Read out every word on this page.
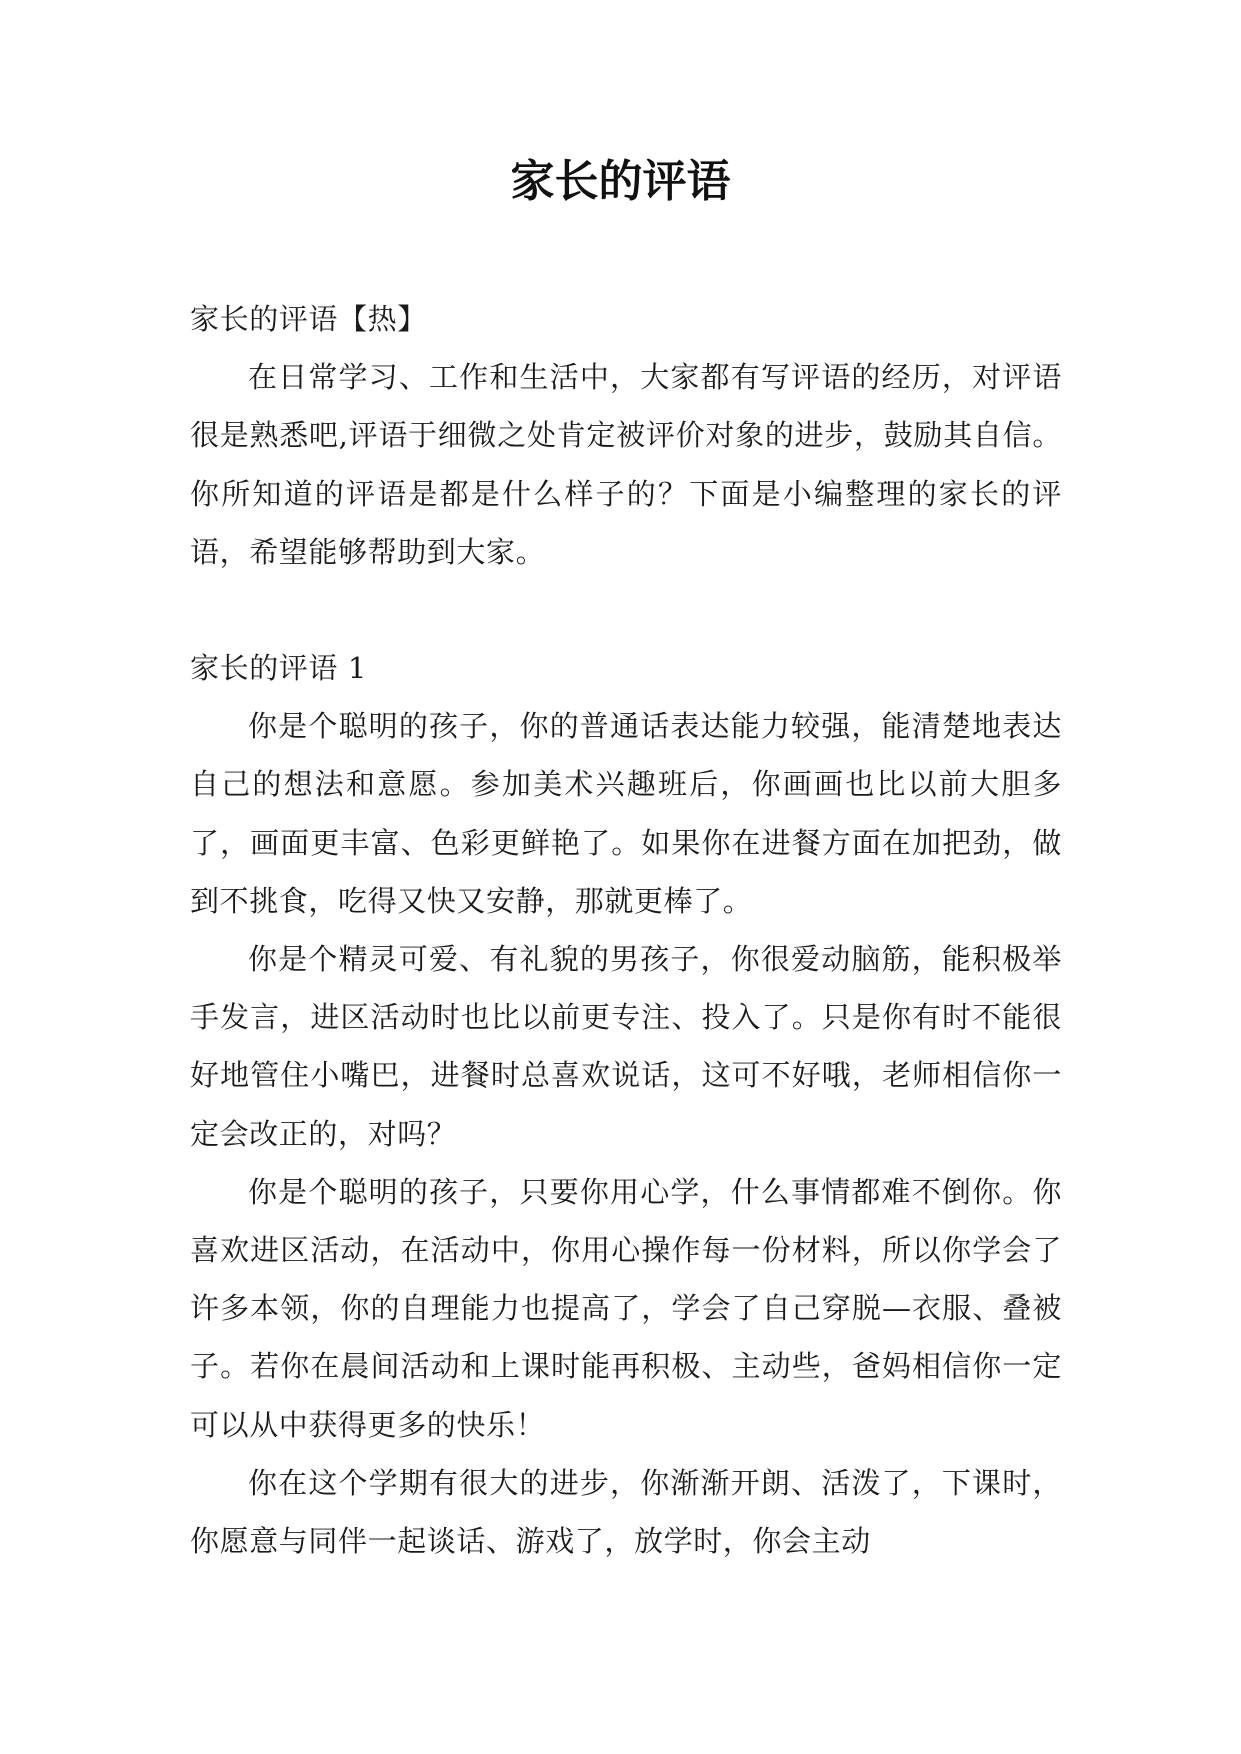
家长的评语

家长的评语【热】

在日常学习、工作和生活中，大家都有写评语的经历，对评语很是熟悉吧,评语于细微之处肯定被评价对象的进步，鼓励其自信。你所知道的评语是都是什么样子的？下面是小编整理的家长的评语，希望能够帮助到大家。

家长的评语 1

你是个聪明的孩子，你的普通话表达能力较强，能清楚地表达自己的想法和意愿。参加美术兴趣班后，你画画也比以前大胆多了，画面更丰富、色彩更鲜艳了。如果你在进餐方面在加把劲，做到不挑食，吃得又快又安静，那就更棒了。

你是个精灵可爱、有礼貌的男孩子，你很爱动脑筋，能积极举手发言，进区活动时也比以前更专注、投入了。只是你有时不能很好地管住小嘴巴，进餐时总喜欢说话，这可不好哦，老师相信你一定会改正的，对吗？

你是个聪明的孩子，只要你用心学，什么事情都难不倒你。你喜欢进区活动，在活动中，你用心操作每一份材料，所以你学会了许多本领，你的自理能力也提高了，学会了自己穿脱—衣服、叠被子。若你在晨间活动和上课时能再积极、主动些，爸妈相信你一定可以从中获得更多的快乐！

你在这个学期有很大的进步，你渐渐开朗、活泼了，下课时，你愿意与同伴一起谈话、游戏了，放学时，你会主动
